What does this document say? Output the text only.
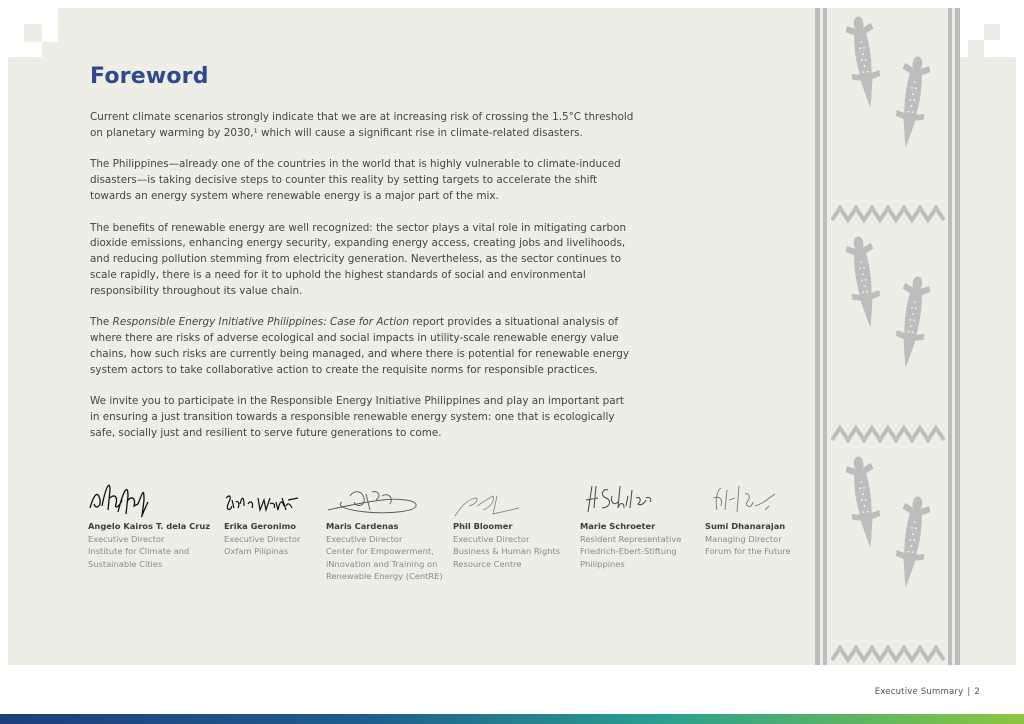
Foreword

Current climate scenarios strongly indicate that we are at increasing risk of crossing the 1.5°C threshold on planetary warming by 2030,¹ which will cause a significant rise in climate-related disasters.

The Philippines—already one of the countries in the world that is highly vulnerable to climate-induced disasters—is taking decisive steps to counter this reality by setting targets to accelerate the shift towards an energy system where renewable energy is a major part of the mix.

The benefits of renewable energy are well recognized: the sector plays a vital role in mitigating carbon dioxide emissions, enhancing energy security, expanding energy access, creating jobs and livelihoods, and reducing pollution stemming from electricity generation. Nevertheless, as the sector continues to scale rapidly, there is a need for it to uphold the highest standards of social and environmental responsibility throughout its value chain.

The Responsible Energy Initiative Philippines: Case for Action report provides a situational analysis of where there are risks of adverse ecological and social impacts in utility-scale renewable energy value chains, how such risks are currently being managed, and where there is potential for renewable energy system actors to take collaborative action to create the requisite norms for responsible practices.

We invite you to participate in the Responsible Energy Initiative Philippines and play an important part in ensuring a just transition towards a responsible renewable energy system: one that is ecologically safe, socially just and resilient to serve future generations to come.

Angelo Kairos T. dela Cruz
Executive Director
Institute for Climate and Sustainable Cities
Erika Geronimo
Executive Director
Oxfam Pilipinas
Maris Cardenas
Executive Director
Center for Empowerment, iNnovation and Training on Renewable Energy (CentRE)
Phil Bloomer
Executive Director
Business & Human Rights Resource Centre
Marie Schroeter
Resident Representative
Friedrich-Ebert-Stiftung Philippines
Sumi Dhanarajan
Managing Director
Forum for the Future
Executive Summary | 2
